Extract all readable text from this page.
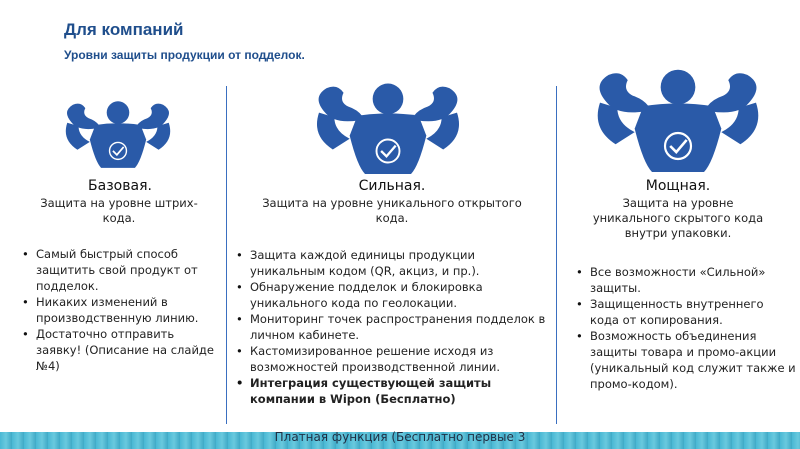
Для компаний
Уровни защиты продукции от подделок.
Базовая.
Защита на уровне штрих-
кода.
• Самый быстрый способ защитить свой продукт от подделок.
• Никаких изменений в производственную линию.
• Достаточно отправить заявку! (Описание на слайде №4)
Сильная.
Защита на уровне уникального открытого
кода.
• Защита каждой единицы продукции уникальным кодом (QR, акциз, и пр.).
• Обнаружение подделок и блокировка уникального кода по геолокации.
• Мониторинг точек распространения подделок в личном кабинете.
• Кастомизированное решение исходя из возможностей производственной линии.
• Интеграция существующей защиты компании в Wipon (Бесплатно)
Мощная.
Защита на уровне
уникального скрытого кода
внутри упаковки.
• Все возможности «Сильной» защиты.
• Защищенность внутреннего кода от копирования.
• Возможность объединения защиты товара и промо-акции (уникальный код служит также и промо-кодом).
Платная функция (Бесплатно первые 3
